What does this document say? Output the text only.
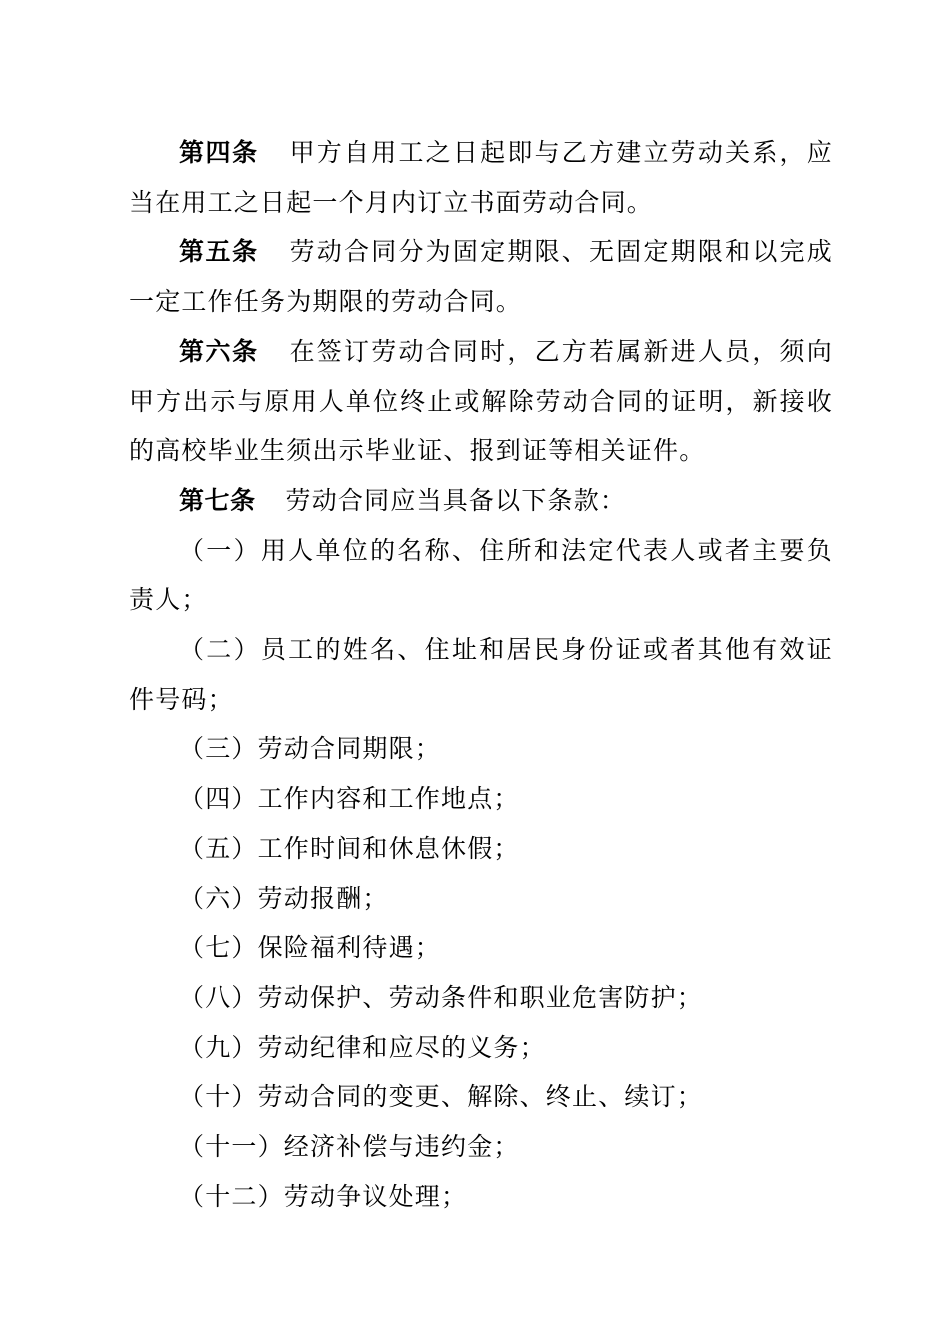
第四条 甲方自用工之日起即与乙方建立劳动关系，应当在用工之日起一个月内订立书面劳动合同。

第五条 劳动合同分为固定期限、无固定期限和以完成一定工作任务为期限的劳动合同。

第六条 在签订劳动合同时，乙方若属新进人员，须向甲方出示与原用人单位终止或解除劳动合同的证明，新接收的高校毕业生须出示毕业证、报到证等相关证件。

第七条 劳动合同应当具备以下条款：

（一）用人单位的名称、住所和法定代表人或者主要负责人；

（二）员工的姓名、住址和居民身份证或者其他有效证件号码；

（三）劳动合同期限；

（四）工作内容和工作地点；

（五）工作时间和休息休假；

（六）劳动报酬；

（七）保险福利待遇；

（八）劳动保护、劳动条件和职业危害防护；

（九）劳动纪律和应尽的义务；

（十）劳动合同的变更、解除、终止、续订；

（十一）经济补偿与违约金；

（十二）劳动争议处理；
